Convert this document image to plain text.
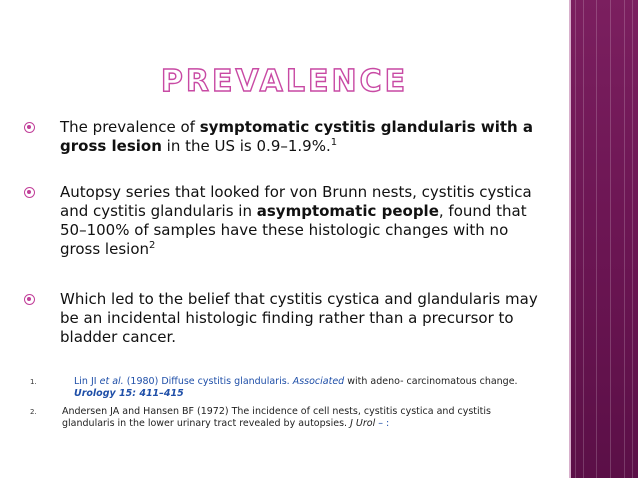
PREVALENCE
The prevalence of symptomatic cystitis glandularis with a gross lesion in the US is 0.9–1.9%.$^1$
Autopsy series that looked for von Brunn nests, cystitis cystica and cystitis glandularis in asymptomatic people, found that 50–100% of samples have these histologic changes with no gross lesion$^2$
Which led to the belief that cystitis cystica and glandularis may be an incidental histologic finding rather than a precursor to bladder cancer.
1.	Lin JI et al. (1980) Diffuse cystitis glandularis. Associated with adeno- carcinomatous change. Urology 15: 411–415
2.	Andersen JA and Hansen BF (1972) The incidence of cell nests, cystitis cystica and cystitis glandularis in the lower urinary tract revealed by autopsies. J Urol – :
